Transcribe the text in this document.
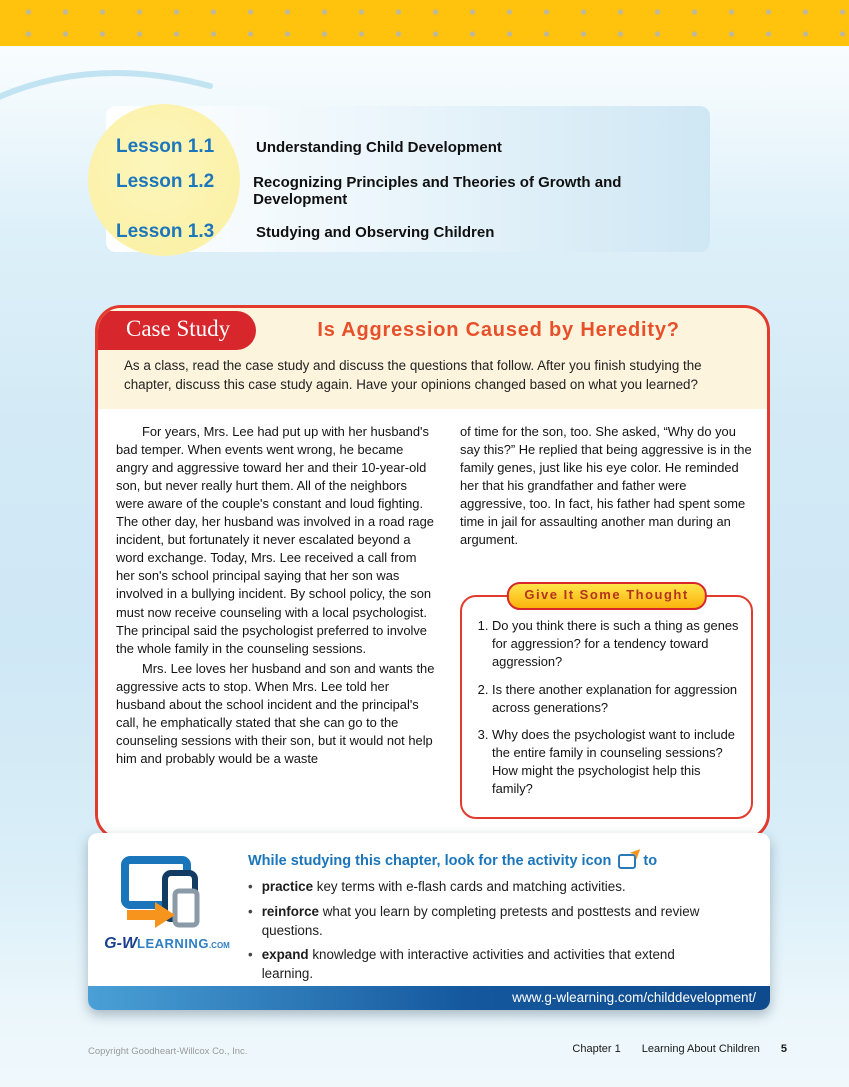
Lesson 1.1	Understanding Child Development
Lesson 1.2	Recognizing Principles and Theories of Growth and Development
Lesson 1.3	Studying and Observing Children
Case Study	Is Aggression Caused by Heredity?
As a class, read the case study and discuss the questions that follow. After you finish studying the chapter, discuss this case study again. Have your opinions changed based on what you learned?

For years, Mrs. Lee had put up with her husband's bad temper. When events went wrong, he became angry and aggressive toward her and their 10-year-old son, but never really hurt them. All of the neighbors were aware of the couple's constant and loud fighting. The other day, her husband was involved in a road rage incident, but fortunately it never escalated beyond a word exchange. Today, Mrs. Lee received a call from her son's school principal saying that her son was involved in a bullying incident. By school policy, the son must now receive counseling with a local psychologist. The principal said the psychologist preferred to involve the whole family in the counseling sessions.

Mrs. Lee loves her husband and son and wants the aggressive acts to stop. When Mrs. Lee told her husband about the school incident and the principal's call, he emphatically stated that she can go to the counseling sessions with their son, but it would not help him and probably would be a waste

of time for the son, too. She asked, “Why do you say this?” He replied that being aggressive is in the family genes, just like his eye color. He reminded her that his grandfather and father were aggressive, too. In fact, his father had spent some time in jail for assaulting another man during an argument.

Give It Some Thought
1. Do you think there is such a thing as genes for aggression? for a tendency toward aggression?
2. Is there another explanation for aggression across generations?
3. Why does the psychologist want to include the entire family in counseling sessions? How might the psychologist help this family?
G-WLEARNING.COM
While studying this chapter, look for the activity icon ➤ to
• practice key terms with e-flash cards and matching activities.
• reinforce what you learn by completing pretests and posttests and review questions.
• expand knowledge with interactive activities and activities that extend learning.
www.g-wlearning.com/childdevelopment/
Copyright Goodheart-Willcox Co., Inc.	Chapter 1 Learning About Children 5
